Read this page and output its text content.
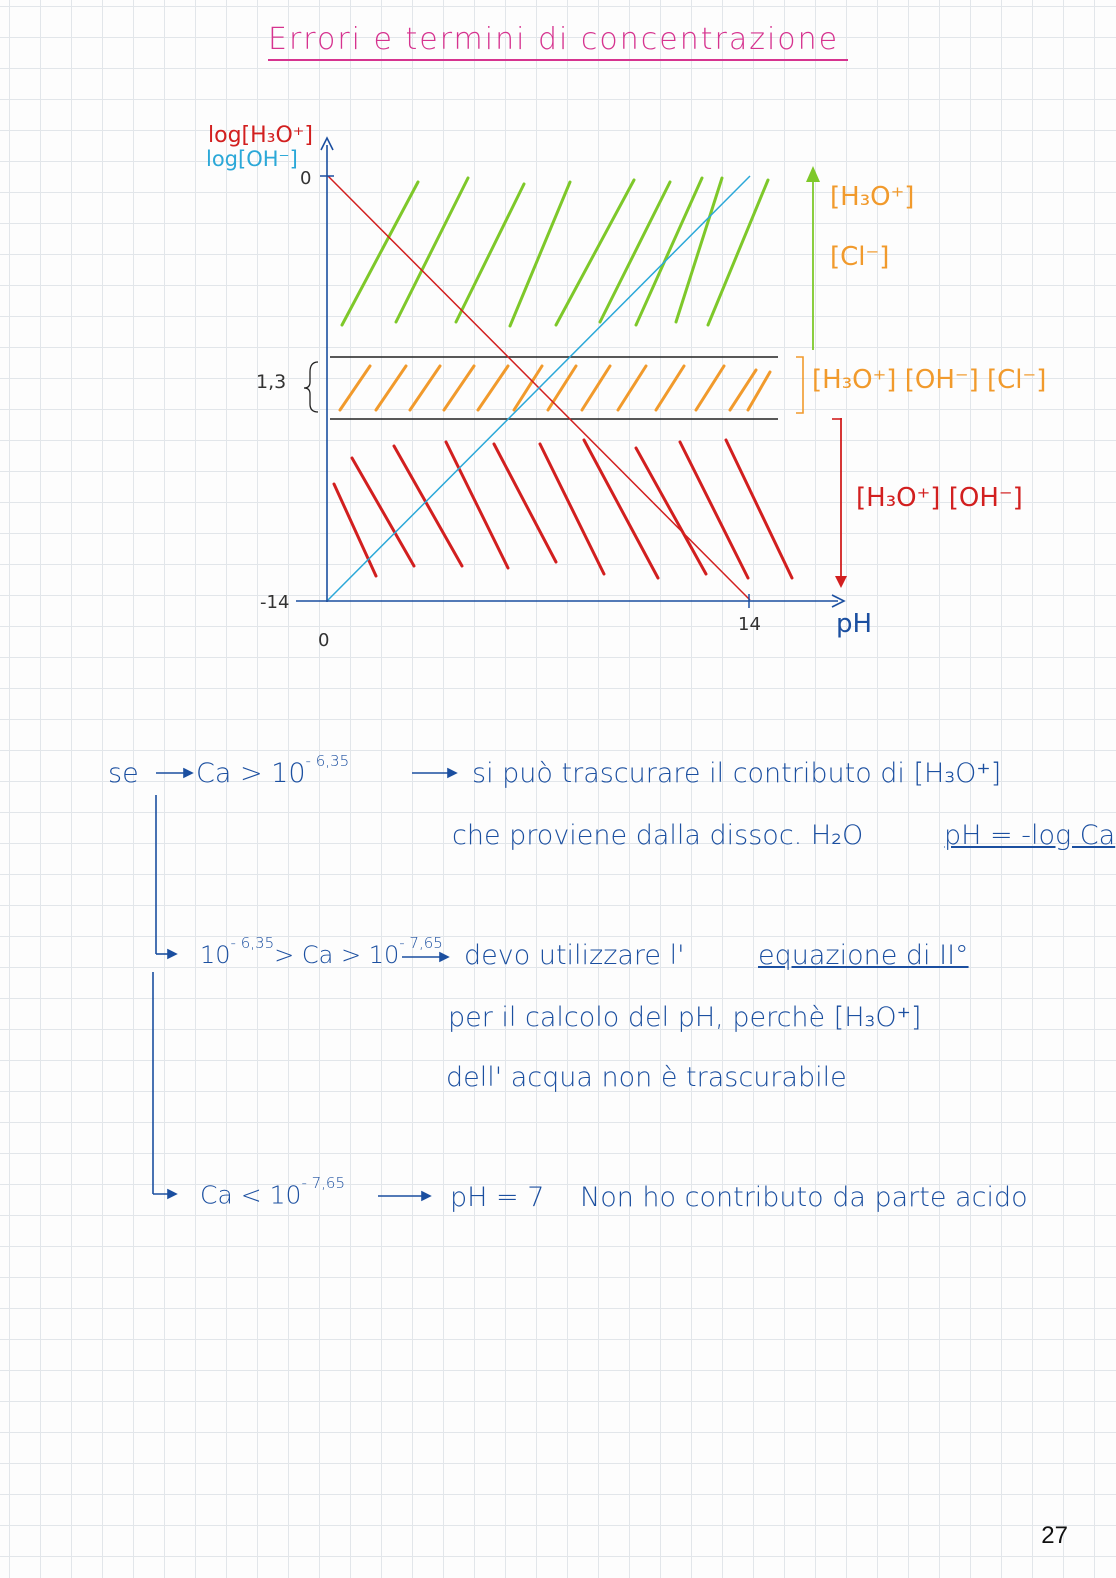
Errori e termini di concentrazione
log[H₃O⁺]
log[OH⁻]
0
1,3
-14
0
14	pH
[H₃O⁺]
[Cl⁻]
[H₃O⁺] [OH⁻] [Cl⁻]
[H₃O⁺] [OH⁻]
se $Ca > 10^{- 6,35}$	si può trascurare il contributo di [H₃O⁺]
che proviene dalla dissoc. H₂O	pH = -log Ca
$10^{- 6,35}> Ca > 10^{- 7,65}$ devo utilizzare l'	equazione di II°
per il calcolo del pH, perchè [H₃O⁺]
dell' acqua non è trascurabile
$Ca < 10^{- 7,65}$	pH = 7 Non ho contributo da parte acido
27
